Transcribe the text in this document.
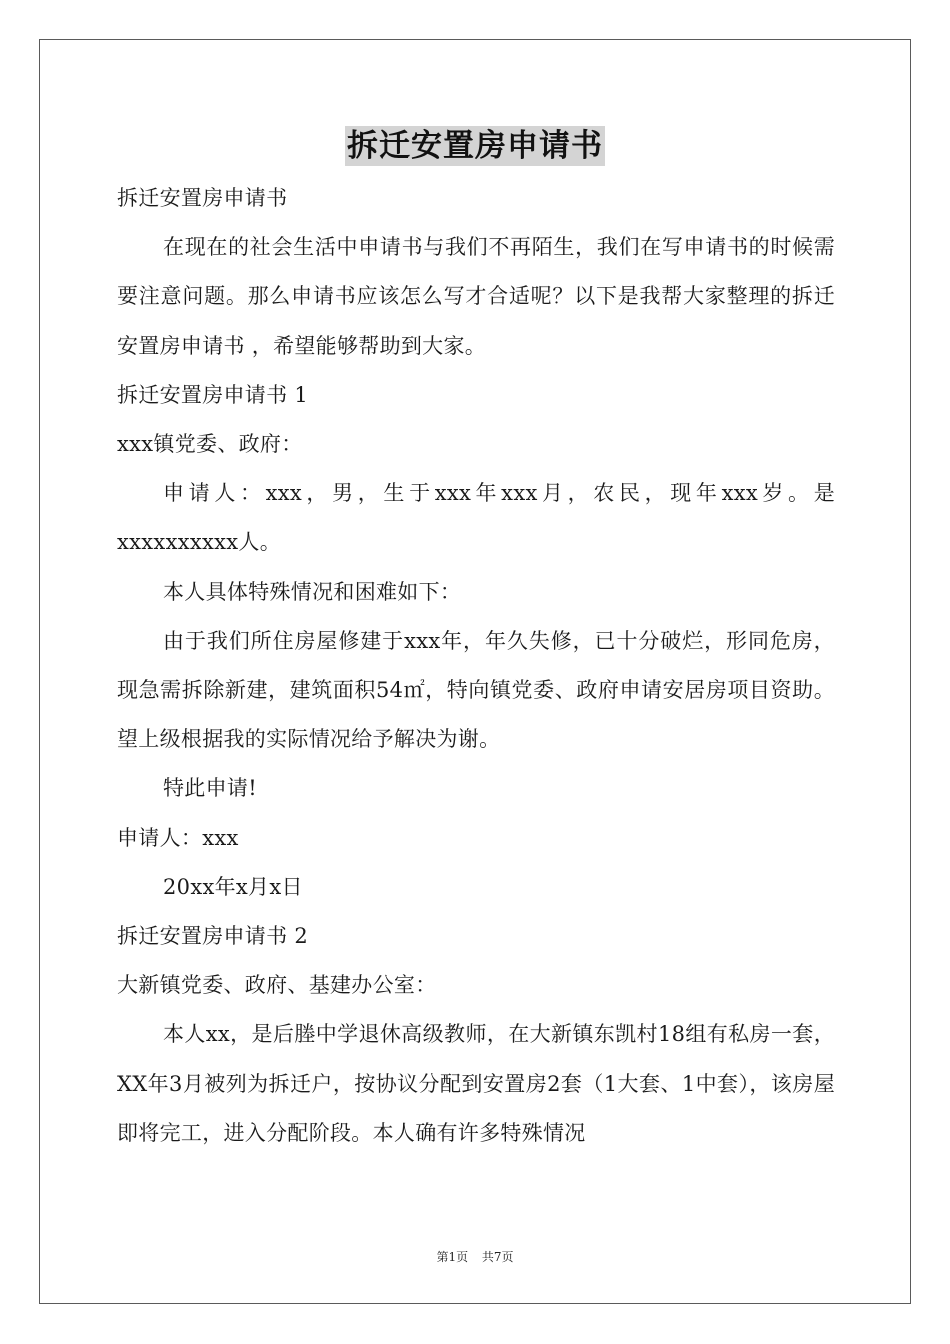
拆迁安置房申请书

拆迁安置房申请书

在现在的社会生活中申请书与我们不再陌生，我们在写申请书的时候需要注意问题。那么申请书应该怎么写才合适呢？以下是我帮大家整理的拆迁安置房申请书 ，希望能够帮助到大家。

拆迁安置房申请书 1

xxx镇党委、政府：

申请人：xxx，男，生于xxx年xxx月，农民，现年xxx岁。是xxxxxxxxxx人。

本人具体特殊情况和困难如下：

由于我们所住房屋修建于xxx年，年久失修，已十分破烂，形同危房，现急需拆除新建，建筑面积54㎡，特向镇党委、政府申请安居房项目资助。望上级根据我的实际情况给予解决为谢。

特此申请!

申请人：xxx

20xx年x月x日

拆迁安置房申请书 2

大新镇党委、政府、基建办公室：

本人xx，是后塍中学退休高级教师，在大新镇东凯村18组有私房一套，XX年3月被列为拆迁户，按协议分配到安置房2套（1大套、1中套），该房屋即将完工，进入分配阶段。本人确有许多特殊情况

第1页 共7页
